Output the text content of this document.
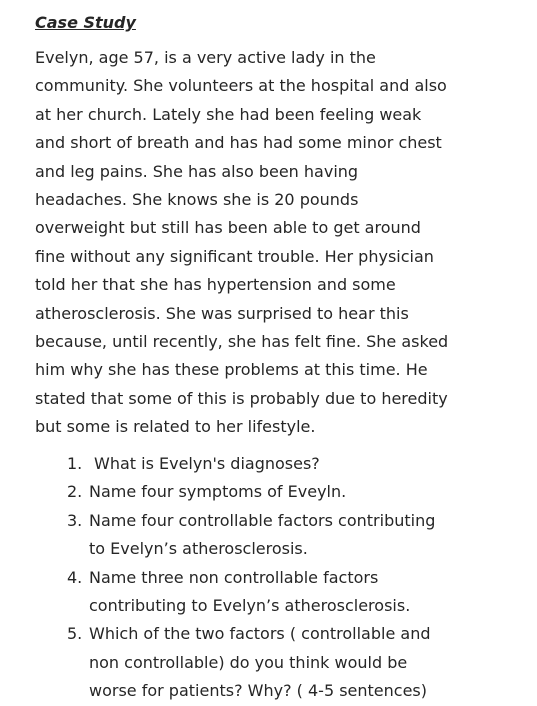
Case Study
Evelyn, age 57, is a very active lady in the
community. She volunteers at the hospital and also
at her church. Lately she had been feeling weak
and short of breath and has had some minor chest
and leg pains. She has also been having
headaches. She knows she is 20 pounds
overweight but still has been able to get around
fine without any significant trouble. Her physician
told her that she has hypertension and some
atherosclerosis. She was surprised to hear this
because, until recently, she has felt fine. She asked
him why she has these problems at this time. He
stated that some of this is probably due to heredity
but some is related to her lifestyle.
1. What is Evelyn's diagnoses?
2. Name four symptoms of Eveyln.
3. Name four controllable factors contributing
to Evelyn’s atherosclerosis.
4. Name three non controllable factors
contributing to Evelyn’s atherosclerosis.
5. Which of the two factors ( controllable and
non controllable) do you think would be
worse for patients? Why? ( 4-5 sentences)
